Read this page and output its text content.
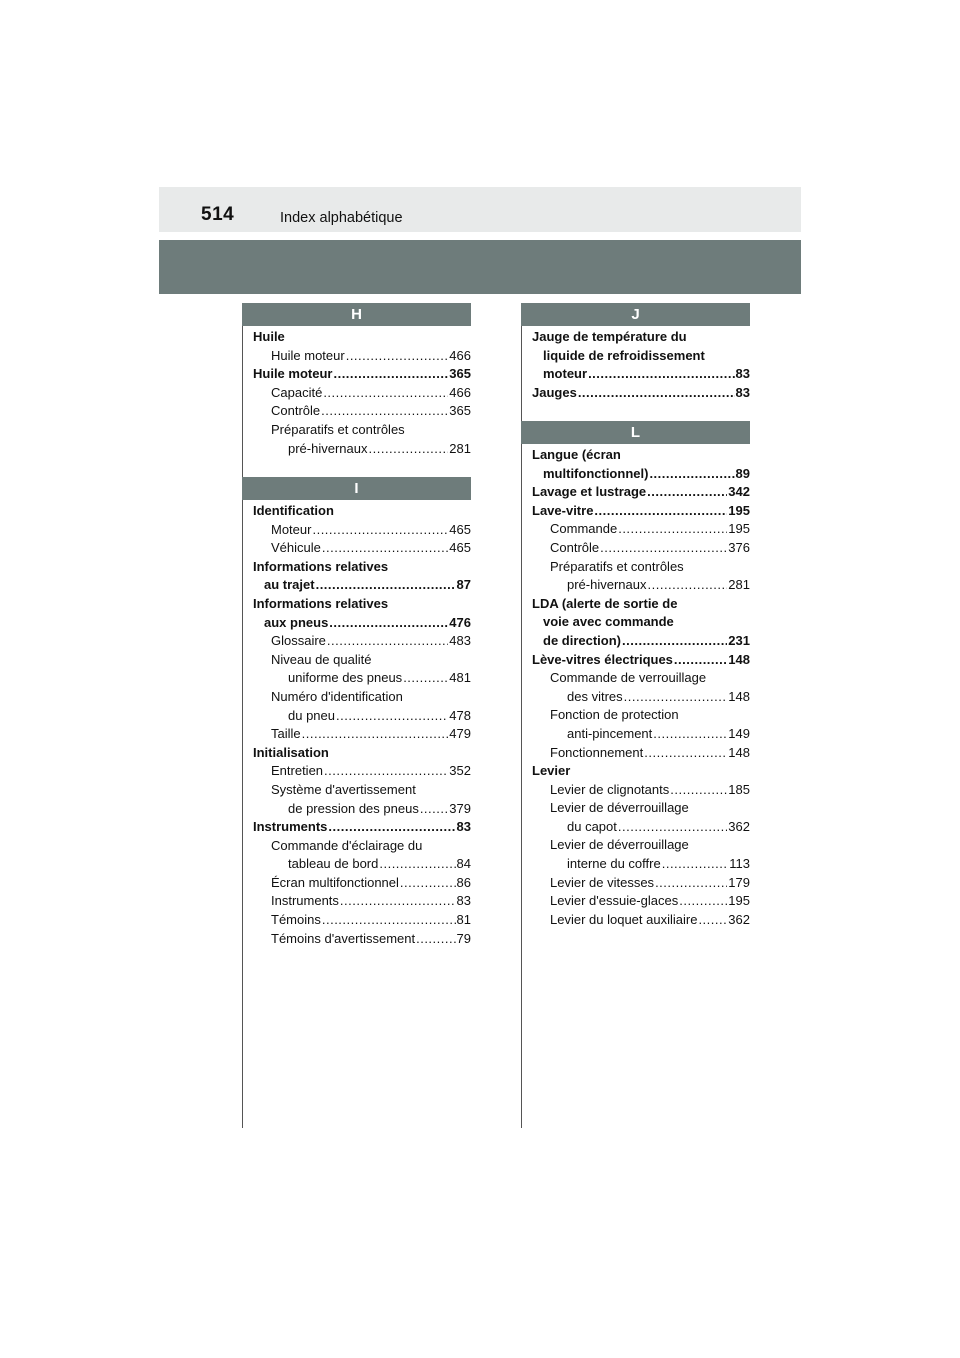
514	Index alphabétique
H
Huile
Huile moteur .....	466
Huile moteur .....	365
Capacité .....	466
Contrôle .....	365
Préparatifs et contrôles
pré-hivernaux .....	281
I
Identification
Moteur .....	465
Véhicule .....	465
Informations relatives
au trajet .....	87
Informations relatives
aux pneus .....	476
Glossaire .....	483
Niveau de qualité
uniforme des pneus .....	481
Numéro d'identification
du pneu .....	478
Taille .....	479
Initialisation
Entretien .....	352
Système d'avertissement
de pression des pneus ..... 379
Instruments .....	83
Commande d'éclairage du
tableau de bord .....	84
Écran multifonctionnel .....	86
Instruments .....	83
Témoins .....	81
Témoins d'avertissement .....	79
J
Jauge de température du
liquide de refroidissement
moteur .....	83
Jauges .....	83
L
Langue (écran
multifonctionnel) .....	89
Lavage et lustrage .....	342
Lave-vitre .....	195
Commande .....	195
Contrôle .....	376
Préparatifs et contrôles
pré-hivernaux .....	281
LDA (alerte de sortie de
voie avec commande
de direction) .....	231
Lève-vitres électriques .....	148
Commande de verrouillage
des vitres .....	148
Fonction de protection
anti-pincement .....	149
Fonctionnement .....	148
Levier
Levier de clignotants .....	185
Levier de déverrouillage
du capot .....	362
Levier de déverrouillage
interne du coffre .....	113
Levier de vitesses .....	179
Levier d'essuie-glaces .....	195
Levier du loquet auxiliaire ..... 362
